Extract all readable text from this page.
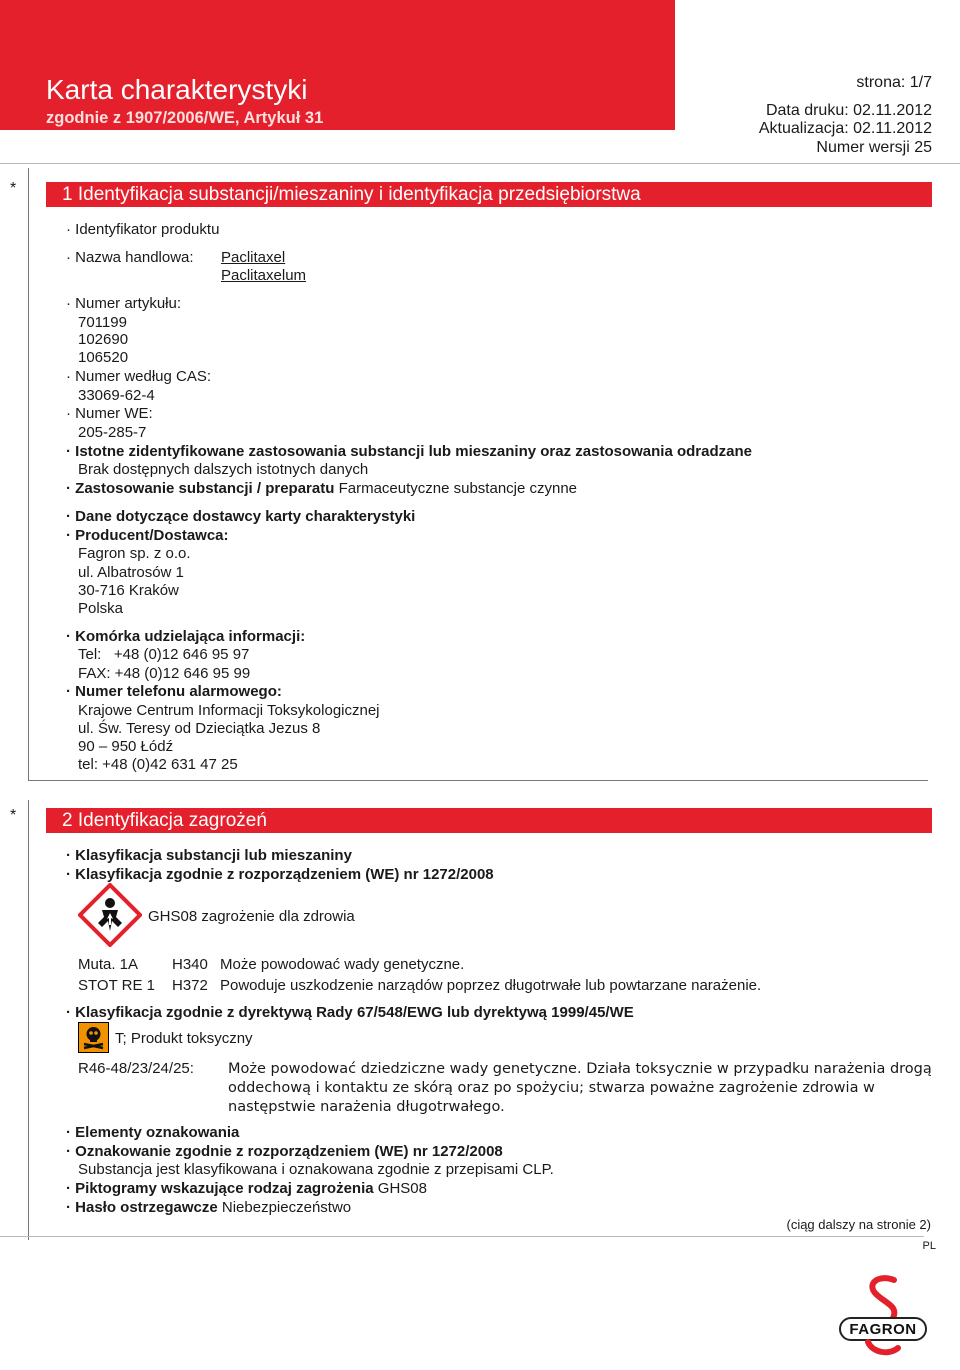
Karta charakterystyki
zgodnie z 1907/2006/WE, Artykuł 31
strona: 1/7
Data druku: 02.11.2012
Aktualizacja: 02.11.2012
Numer wersji 25
*	1 Identyfikacja substancji/mieszaniny i identyfikacja przedsiębiorstwa
· Identyfikator produktu
· Nazwa handlowa: Paclitaxel
Paclitaxelum
· Numer artykułu:
701199
102690
106520
· Numer według CAS:
33069-62-4
· Numer WE:
205-285-7
· Istotne zidentyfikowane zastosowania substancji lub mieszaniny oraz zastosowania odradzane
Brak dostępnych dalszych istotnych danych
· Zastosowanie substancji / preparatu Farmaceutyczne substancje czynne
· Dane dotyczące dostawcy karty charakterystyki
· Producent/Dostawca:
Fagron sp. z o.o.
ul. Albatrosów 1
30-716 Kraków
Polska
· Komórka udzielająca informacji:
Tel:   +48 (0)12 646 95 97
FAX: +48 (0)12 646 95 99
· Numer telefonu alarmowego:
Krajowe Centrum Informacji Toksykologicznej
ul. Św. Teresy od Dzieciątka Jezus 8
90 – 950 Łódź
tel: +48 (0)42 631 47 25
*	2 Identyfikacja zagrożeń
· Klasyfikacja substancji lub mieszaniny
· Klasyfikacja zgodnie z rozporządzeniem (WE) nr 1272/2008
GHS08 zagrożenie dla zdrowia
Muta. 1A H340 Może powodować wady genetyczne.
STOT RE 1 H372 Powoduje uszkodzenie narządów poprzez długotrwałe lub powtarzane narażenie.
· Klasyfikacja zgodnie z dyrektywą Rady 67/548/EWG lub dyrektywą 1999/45/WE
T; Produkt toksyczny
R46-48/23/24/25: Może powodować dziedziczne wady genetyczne. Działa toksycznie w przypadku narażenia drogą oddechową i kontaktu ze skórą oraz po spożyciu; stwarza poważne zagrożenie zdrowia w następstwie narażenia długotrwałego.
· Elementy oznakowania
· Oznakowanie zgodnie z rozporządzeniem (WE) nr 1272/2008
Substancja jest klasyfikowana i oznakowana zgodnie z przepisami CLP.
· Piktogramy wskazujące rodzaj zagrożenia GHS08
· Hasło ostrzegawcze Niebezpieczeństwo
(ciąg dalszy na stronie 2)
PL
FAGRON
